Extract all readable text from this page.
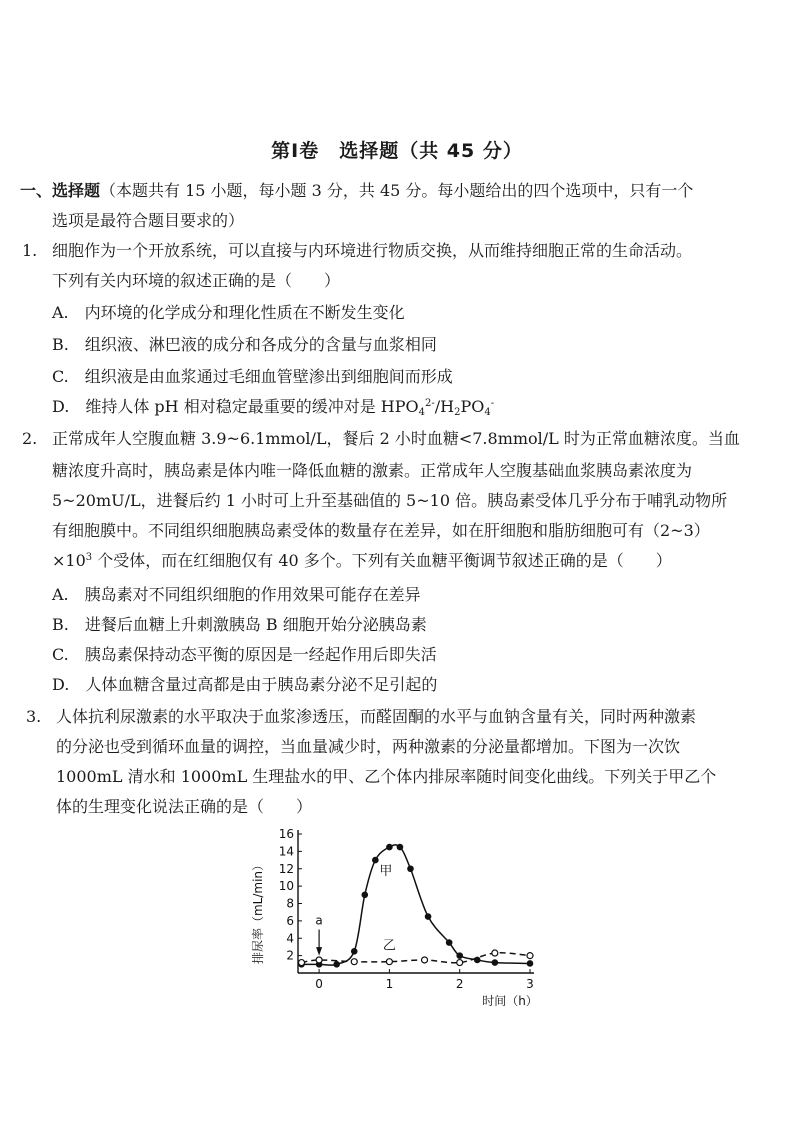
第Ⅰ卷　选择题（共 45 分）
一、选择题（本题共有 15 小题，每小题 3 分，共 45 分。每小题给出的四个选项中，只有一个
选项是最符合题目要求的）
1. 细胞作为一个开放系统，可以直接与内环境进行物质交换，从而维持细胞正常的生命活动。
下列有关内环境的叙述正确的是（　　）
A.　内环境的化学成分和理化性质在不断发生变化
B.　组织液、淋巴液的成分和各成分的含量与血浆相同
C.　组织液是由血浆通过毛细血管壁渗出到细胞间而形成
D.　维持人体 pH 相对稳定最重要的缓冲对是 $HPO_4^{2-}/H_2PO_4^-$
2. 正常成年人空腹血糖 3.9~6.1mmol/L，餐后 2 小时血糖<7.8mmol/L 时为正常血糖浓度。当血
糖浓度升高时，胰岛素是体内唯一降低血糖的激素。正常成年人空腹基础血浆胰岛素浓度为
5~20mU/L，进餐后约 1 小时可上升至基础值的 5~10 倍。胰岛素受体几乎分布于哺乳动物所
有细胞膜中。不同组织细胞胰岛素受体的数量存在差异，如在肝细胞和脂肪细胞可有（2~3）
$\times 10^3$ 个受体，而在红细胞仅有 40 多个。下列有关血糖平衡调节叙述正确的是（　　）
A.　胰岛素对不同组织细胞的作用效果可能存在差异
B.　进餐后血糖上升刺激胰岛 B 细胞开始分泌胰岛素
C.　胰岛素保持动态平衡的原因是一经起作用后即失活
D.　人体血糖含量过高都是由于胰岛素分泌不足引起的
3. 人体抗利尿激素的水平取决于血浆渗透压，而醛固酮的水平与血钠含量有关，同时两种激素
的分泌也受到循环血量的调控，当血量减少时，两种激素的分泌量都增加。下图为一次饮
1000mL 清水和 1000mL 生理盐水的甲、乙个体内排尿率随时间变化曲线。下列关于甲乙个
体的生理变化说法正确的是（　　）
2
4
6
8
10
12
14
16
0	1	2	3
排尿率（mL/min）
时间（h）
甲
乙
a
